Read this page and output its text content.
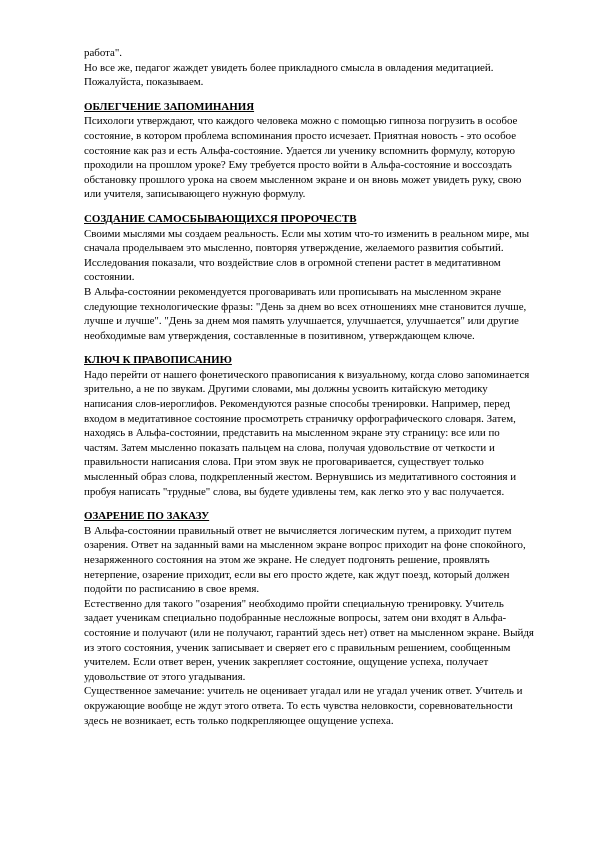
работа".

Но все же, педагог жаждет увидеть более прикладного смысла в овладения медитацией. Пожалуйста, показываем.

ОБЛЕГЧЕНИЕ ЗАПОМИНАНИЯ

Психологи утверждают, что каждого человека можно с помощью гипноза погрузить в особое состояние, в котором проблема вспоминания просто исчезает. Приятная новость - это особое состояние как раз и есть Альфа-состояние. Удается ли ученику вспомнить формулу, которую проходили на прошлом уроке? Ему требуется просто войти в Альфа-состояние и воссоздать обстановку прошлого урока на своем мысленном экране и он вновь может увидеть руку, свою или учителя, записывающего нужную формулу.

СОЗДАНИЕ САМОСБЫВАЮЩИХСЯ ПРОРОЧЕСТВ

Своими мыслями мы создаем реальность. Если мы хотим что-то изменить в реальном мире, мы сначала проделываем это мысленно, повторяя утверждение, желаемого развития событий. Исследования показали, что воздействие слов в огромной степени растет в медитативном состоянии.

В Альфа-состоянии рекомендуется проговаривать или прописывать на мысленном экране следующие технологические фразы: "День за днем во всех отношениях мне становится лучше, лучше и лучше". "День за днем моя память улучшается, улучшается, улучшается" или другие необходимые вам утверждения, составленные в позитивном, утверждающем ключе.

КЛЮЧ К ПРАВОПИСАНИЮ

Надо перейти от нашего фонетического правописания к визуальному, когда слово запоминается зрительно, а не по звукам. Другими словами, мы должны усвоить китайскую методику написания слов-иероглифов. Рекомендуются разные способы тренировки. Например, перед входом в медитативное состояние просмотреть страничку орфографического словаря. Затем, находясь в Альфа-состоянии, представить на мысленном экране эту страницу: все или по частям. Затем мысленно показать пальцем на слова, получая удовольствие от четкости и правильности написания слова. При этом звук не проговаривается, существует только мысленный образ слова, подкрепленный жестом. Вернувшись из медитативного состояния и пробуя написать "трудные" слова, вы будете удивлены тем, как легко это у вас получается.

ОЗАРЕНИЕ ПО ЗАКАЗУ

В Альфа-состоянии правильный ответ не вычисляется логическим путем, а приходит путем озарения. Ответ на заданный вами на мысленном экране вопрос приходит на фоне спокойного, незаряженного состояния на этом же экране. Не следует подгонять решение, проявлять нетерпение, озарение приходит, если вы его просто ждете, как ждут поезд, который должен подойти по расписанию в свое время.

Естественно для такого "озарения" необходимо пройти специальную тренировку. Учитель задает ученикам специально подобранные несложные вопросы, затем они входят в Альфа-состояние и получают (или не получают, гарантий здесь нет) ответ на мысленном экране. Выйдя из этого состояния, ученик записывает и сверяет его с правильным решением, сообщенным учителем. Если ответ верен, ученик закрепляет состояние, ощущение успеха, получает удовольствие от этого угадывания.

Существенное замечание: учитель не оценивает угадал или не угадал ученик ответ. Учитель и окружающие вообще не ждут этого ответа. То есть чувства неловкости, соревновательности здесь не возникает, есть только подкрепляющее ощущение успеха.
